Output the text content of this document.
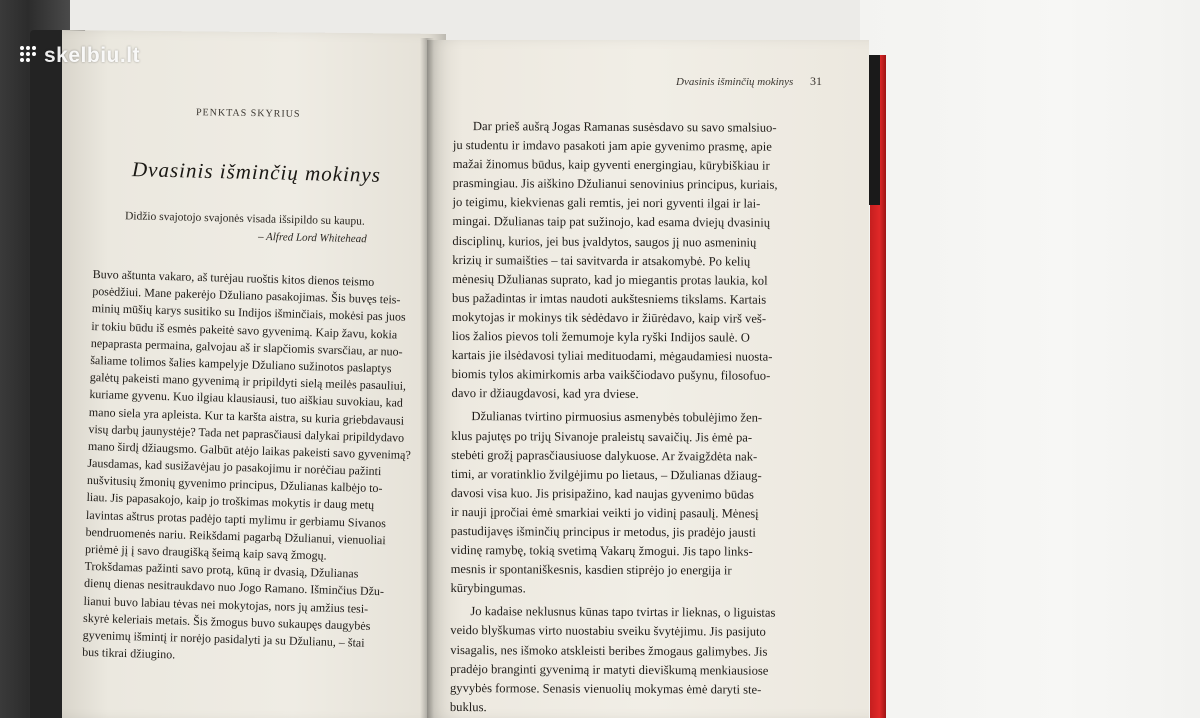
PENKTAS SKYRIUS
Dvasinis išminčių mokinys
Didžio svajotojo svajonės visada išsipildo su kaupu.
– Alfred Lord Whitehead
Buvo aštunta vakaro, aš turėjau ruoštis kitos dienos teismo
posėdžiui. Mane pakerėjo Džuliano pasakojimas. Šis buvęs teis-
minių mūšių karys susitiko su Indijos išminčiais, mokėsi pas juos
ir tokiu būdu iš esmės pakeitė savo gyvenimą. Kaip žavu, kokia
nepaprasta permaina, galvojau aš ir slapčiomis svarsčiau, ar nuo-
šaliame tolimos šalies kampelyje Džuliano sužinotos paslaptys
galėtų pakeisti mano gyvenimą ir pripildyti sielą meilės pasauliui,
kuriame gyvenu. Kuo ilgiau klausiausi, tuo aiškiau suvokiau, kad
mano siela yra apleista. Kur ta karšta aistra, su kuria griebdavausi
visų darbų jaunystėje? Tada net paprasčiausi dalykai pripildydavo
mano širdį džiaugsmo. Galbūt atėjo laikas pakeisti savo gyvenimą?
Jausdamas, kad susižavėjau jo pasakojimu ir norėčiau pažinti
nušvitusių žmonių gyvenimo principus, Džulianas kalbėjo to-
liau. Jis papasakojo, kaip jo troškimas mokytis ir daug metų
lavintas aštrus protas padėjo tapti mylimu ir gerbiamu Sivanos
bendruomenės nariu. Reikšdami pagarbą Džulianui, vienuoliai
priėmė jį į savo draugišką šeimą kaip savą žmogų.
Trokšdamas pažinti savo protą, kūną ir dvasią, Džulianas
dienų dienas nesitraukdavo nuo Jogo Ramano. Išminčius Džu-
lianui buvo labiau tėvas nei mokytojas, nors jų amžius tesi-
skyrė keleriais metais. Šis žmogus buvo sukaupęs daugybės
gyvenimų išmintį ir norėjo pasidalyti ja su Džulianu, – štai
bus tikrai džiugino.
Dvasinis išminčių mokinys 31
Dar prieš aušrą Jogas Ramanas susėsdavo su savo smalsiuo-
ju studentu ir imdavo pasakoti jam apie gyvenimo prasmę, apie
mažai žinomus būdus, kaip gyventi energingiau, kūrybiškiau ir
prasmingiau. Jis aiškino Džulianui senovinius principus, kuriais,
jo teigimu, kiekvienas gali remtis, jei nori gyventi ilgai ir lai-
mingai. Džulianas taip pat sužinojo, kad esama dviejų dvasinių
disciplinų, kurios, jei bus įvaldytos, saugos jį nuo asmeninių
krizių ir sumaišties – tai savitvarda ir atsakomybė. Po kelių
mėnesių Džulianas suprato, kad jo miegantis protas laukia, kol
bus pažadintas ir imtas naudoti aukštesniems tikslams. Kartais
mokytojas ir mokinys tik sėdėdavo ir žiūrėdavo, kaip virš veš-
lios žalios pievos toli žemumoje kyla ryški Indijos saulė. O
kartais jie ilsėdavosi tyliai medituodami, mėgaudamiesi nuosta-
biomis tylos akimirkomis arba vaikščiodavo pušynu, filosofuo-
davo ir džiaugdavosi, kad yra dviese.
Džulianas tvirtino pirmuosius asmenybės tobulėjimo žen-
klus pajutęs po trijų Sivanoje praleistų savaičių. Jis ėmė pa-
stebėti grožį paprasčiausiuose dalykuose. Ar žvaigždėta nak-
timi, ar voratinklio žvilgėjimu po lietaus, – Džulianas džiaug-
davosi visa kuo. Jis prisipažino, kad naujas gyvenimo būdas
ir nauji įpročiai ėmė smarkiai veikti jo vidinį pasaulį. Mėnesį
pastudijavęs išminčių principus ir metodus, jis pradėjo jausti
vidinę ramybę, tokią svetimą Vakarų žmogui. Jis tapo links-
mesnis ir spontaniškesnis, kasdien stiprėjo jo energija ir
kūrybingumas.
Jo kadaise neklusnus kūnas tapo tvirtas ir lieknas, o liguistas
veido blyškumas virto nuostabiu sveiku švytėjimu. Jis pasijuto
visagalis, nes išmoko atskleisti beribes žmogaus galimybes. Jis
pradėjo branginti gyvenimą ir matyti dieviškumą menkiausiose
gyvybės formose. Senasis vienuolių mokymas ėmė daryti ste-
buklus.
skelbiu.lt
